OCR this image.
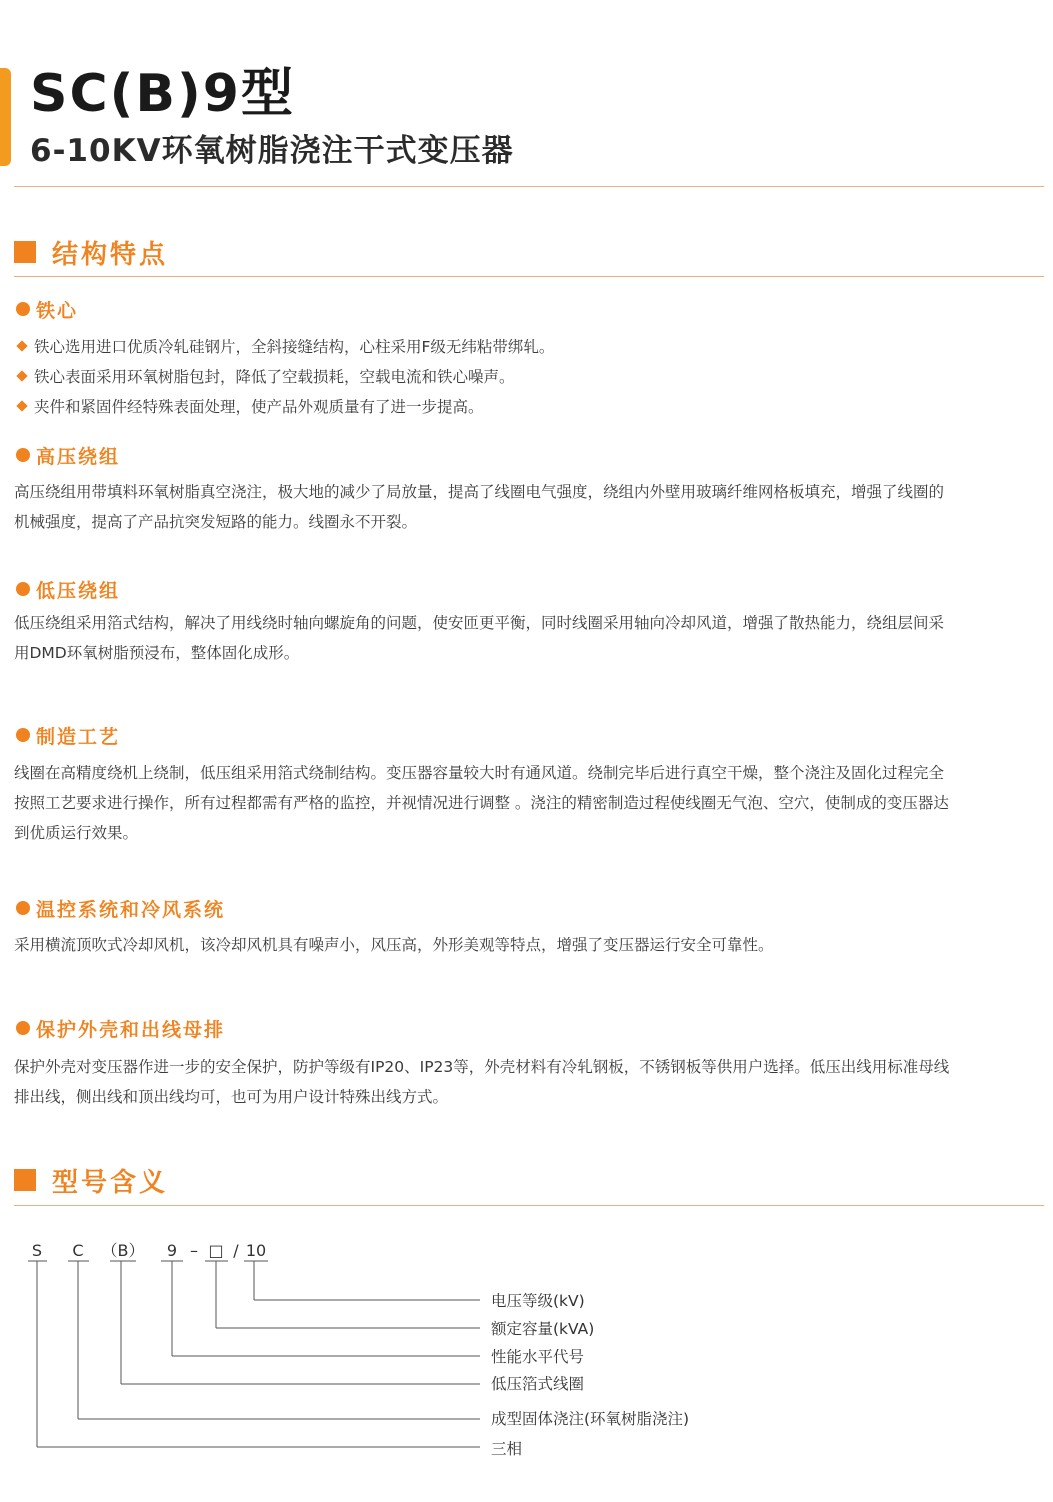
SC(B)9型
6-10KV环氧树脂浇注干式变压器
结构特点
铁心
铁心选用进口优质冷轧硅钢片，全斜接缝结构，心柱采用F级无纬粘带绑轧。
铁心表面采用环氧树脂包封，降低了空载损耗，空载电流和铁心噪声。
夹件和紧固件经特殊表面处理，使产品外观质量有了进一步提高。
高压绕组

高压绕组用带填料环氧树脂真空浇注，极大地的减少了局放量，提高了线圈电气强度，绕组内外壁用玻璃纤维网格板填充，增强了线圈的
机械强度，提高了产品抗突发短路的能力。线圈永不开裂。

低压绕组

低压绕组采用箔式结构，解决了用线绕时轴向螺旋角的问题，使安匝更平衡，同时线圈采用轴向冷却风道，增强了散热能力，绕组层间采
用DMD环氧树脂预浸布，整体固化成形。

制造工艺

线圈在高精度绕机上绕制，低压组采用箔式绕制结构。变压器容量较大时有通风道。绕制完毕后进行真空干燥，整个浇注及固化过程完全
按照工艺要求进行操作，所有过程都需有严格的监控，并视情况进行调整 。浇注的精密制造过程使线圈无气泡、空穴，使制成的变压器达
到优质运行效果。

温控系统和冷风系统

采用横流顶吹式冷却风机，该冷却风机具有噪声小，风压高，外形美观等特点，增强了变压器运行安全可靠性。

保护外壳和出线母排

保护外壳对变压器作进一步的安全保护，防护等级有IP20、IP23等，外壳材料有冷轧钢板，不锈钢板等供用户选择。低压出线用标准母线
排出线，侧出线和顶出线均可，也可为用户设计特殊出线方式。

型号含义
S C （B） 9 – □ / 10
电压等级(kV)
额定容量(kVA)
性能水平代号
低压箔式线圈
成型固体浇注(环氧树脂浇注)
三相
